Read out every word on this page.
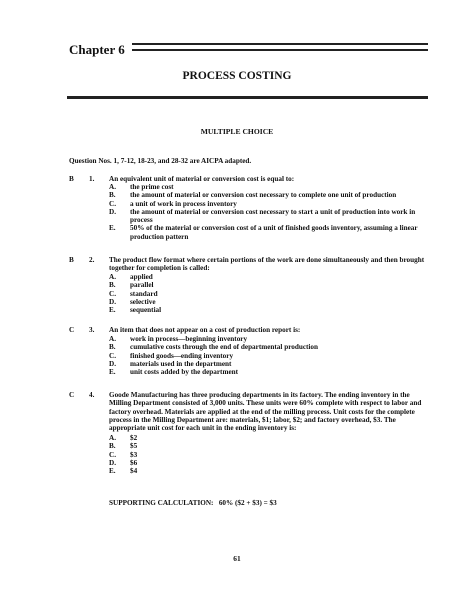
Chapter 6
PROCESS COSTING
MULTIPLE CHOICE
Question Nos. 1, 7-12, 18-23, and 28-32 are AICPA adapted.
B 1. An equivalent unit of material or conversion cost is equal to:
A.	the prime cost
B.	the amount of material or conversion cost necessary to complete one unit of production
C.	a unit of work in process inventory
D.	the amount of material or conversion cost necessary to start a unit of production into work in process
E.	50% of the material or conversion cost of a unit of finished goods inventory, assuming a linear production pattern
B 2. The product flow format where certain portions of the work are done simultaneously and then brought together for completion is called:
A.	applied
B.	parallel
C.	standard
D.	selective
E.	sequential
C 3. An item that does not appear on a cost of production report is:
A.	work in process—beginning inventory
B.	cumulative costs through the end of departmental production
C.	finished goods—ending inventory
D.	materials used in the department
E.	unit costs added by the department
C 4. Goode Manufacturing has three producing departments in its factory. The ending inventory in the Milling Department consisted of 3,000 units. These units were 60% complete with respect to labor and factory overhead. Materials are applied at the end of the milling process. Unit costs for the complete process in the Milling Department are: materials, $1; labor, $2; and factory overhead, $3. The appropriate unit cost for each unit in the ending inventory is:
A.	$2
B.	$5
C.	$3
D.	$6
E.	$4
SUPPORTING CALCULATION:   60% ($2 + $3) = $3
61
